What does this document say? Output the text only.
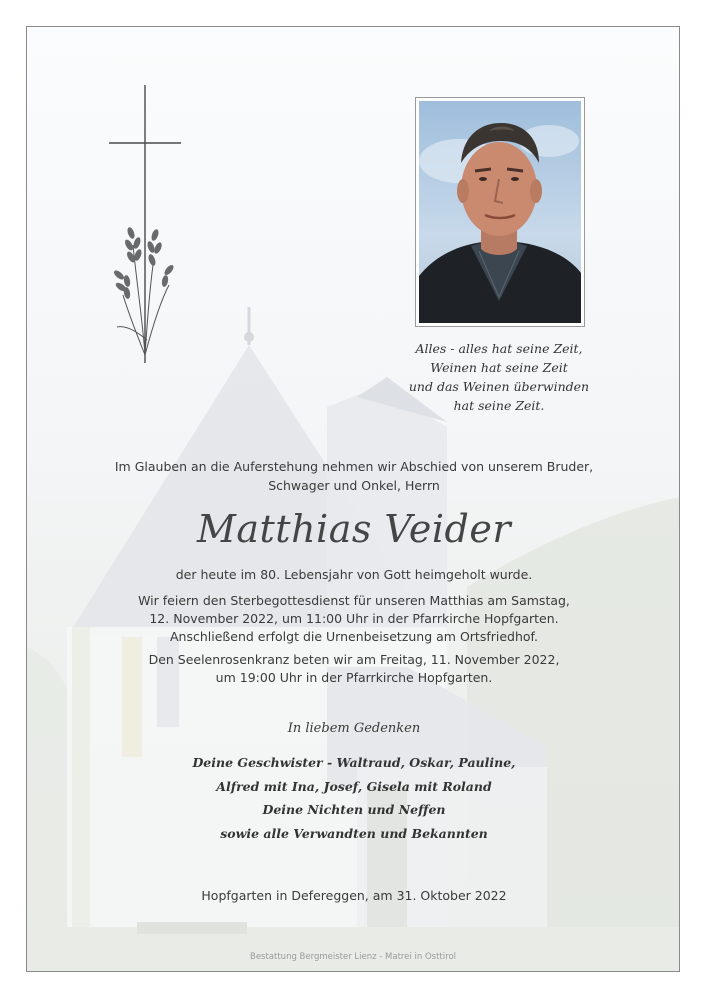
Alles - alles hat seine Zeit,
Weinen hat seine Zeit
und das Weinen überwinden
hat seine Zeit.
Im Glauben an die Auferstehung nehmen wir Abschied von unserem Bruder,
Schwager und Onkel, Herrn
Matthias Veider
der heute im 80. Lebensjahr von Gott heimgeholt wurde.
Wir feiern den Sterbegottesdienst für unseren Matthias am Samstag,
12. November 2022, um 11:00 Uhr in der Pfarrkirche Hopfgarten.
Anschließend erfolgt die Urnenbeisetzung am Ortsfriedhof.
Den Seelenrosenkranz beten wir am Freitag, 11. November 2022,
um 19:00 Uhr in der Pfarrkirche Hopfgarten.
In liebem Gedenken
Deine Geschwister - Waltraud, Oskar, Pauline,
Alfred mit Ina, Josef, Gisela mit Roland
Deine Nichten und Neffen
sowie alle Verwandten und Bekannten
Hopfgarten in Defereggen, am 31. Oktober 2022
Bestattung Bergmeister Lienz - Matrei in Osttirol
